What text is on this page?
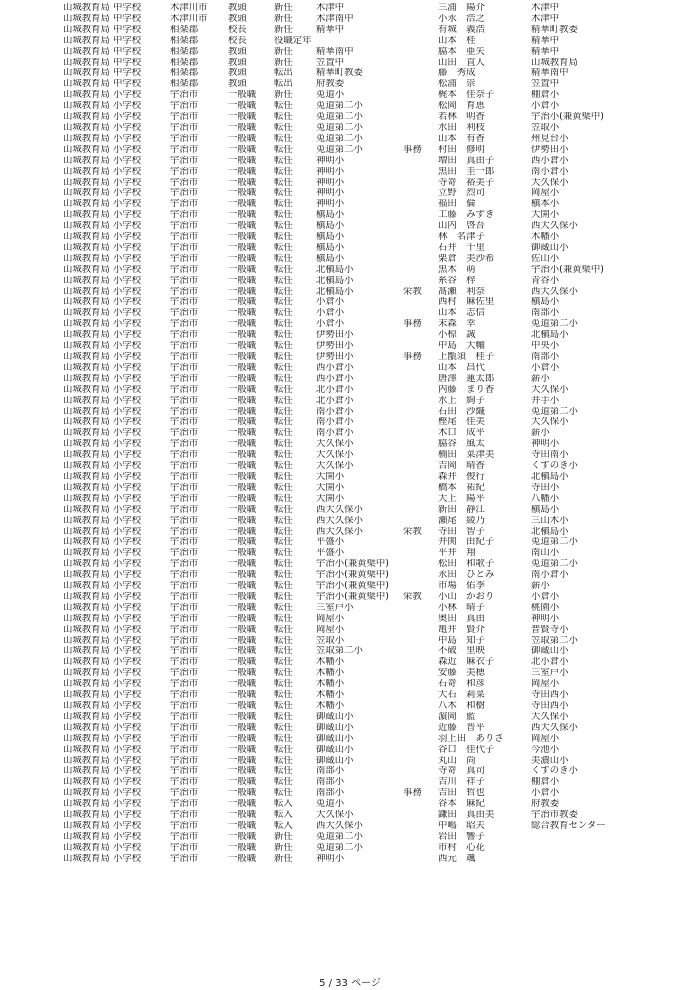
山城教育局	中学校	木津川市	教頭	新任	木津中		三浦　陽介	木津中
山城教育局	中学校	木津川市	教頭	新任	木津南中		小永　浩之	木津中
山城教育局	中学校	相楽郡	校長	新任	精華中		有城　義浩	精華町教委
山城教育局	中学校	相楽郡	校長	役職定年			山本　桂	精華中
山城教育局	中学校	相楽郡	教頭	新任	精華南中		脇本　亜矢	精華中
山城教育局	中学校	相楽郡	教頭	新任	笠置中		山田　直人	山城教育局
山城教育局	中学校	相楽郡	教頭	転出	精華町教委		藤　秀成	精華南中
山城教育局	中学校	相楽郡	教頭	転出	府教委		松浦　崇	笠置中
山城教育局	小学校	宇治市	一般職	新任	莵道小		梶本　佳奈子	棚倉小
山城教育局	小学校	宇治市	一般職	転任	莵道第二小		松岡　育恵	小倉小
山城教育局	小学校	宇治市	一般職	転任	莵道第二小		若林　明香	宇治小(兼黄檗中)
山城教育局	小学校	宇治市	一般職	転任	莵道第二小		水田　利枝	笠取小
山城教育局	小学校	宇治市	一般職	転任	莵道第二小		山本　有香	州見台小
山城教育局	小学校	宇治市	一般職	転任	莵道第二小	事務	村田　修明	伊勢田小
山城教育局	小学校	宇治市	一般職	転任	神明小		増田　真由子	西小倉小
山城教育局	小学校	宇治市	一般職	転任	神明小		黒田　圭一郎	南小倉小
山城教育局	小学校	宇治市	一般職	転任	神明小		寺嵜　裕美子	大久保小
山城教育局	小学校	宇治市	一般職	転任	神明小		立野　烈司	岡屋小
山城教育局	小学校	宇治市	一般職	転任	神明小		福田　倫	槇本小
山城教育局	小学校	宇治市	一般職	転任	槇島小		工藤　みずき	大開小
山城教育局	小学校	宇治市	一般職	転任	槇島小		山内　啓吾	西大久保小
山城教育局	小学校	宇治市	一般職	転任	槇島小		林　名津子	木幡小
山城教育局	小学校	宇治市	一般職	転任	槇島小		石井　千里	御蔵山小
山城教育局	小学校	宇治市	一般職	転任	槇島小		栗倉　美沙希	佐山小
山城教育局	小学校	宇治市	一般職	転任	北槇島小		黒木　萌	宇治小(兼黄檗中)
山城教育局	小学校	宇治市	一般職	転任	北槇島小		糸谷　梓	青谷小
山城教育局	小学校	宇治市	一般職	転任	北槇島小	栄教	髙瀬　利奈	西大久保小
山城教育局	小学校	宇治市	一般職	転任	小倉小		西村　麻佐里	槇島小
山城教育局	小学校	宇治市	一般職	転任	小倉小		山本　志信	南部小
山城教育局	小学校	宇治市	一般職	転任	小倉小	事務	末森　幸	莵道第二小
山城教育局	小学校	宇治市	一般職	転任	伊勢田小		小椋　誠	北槇島小
山城教育局	小学校	宇治市	一般職	転任	伊勢田小		中島　大輔	中央小
山城教育局	小学校	宇治市	一般職	転任	伊勢田小	事務	上甑須　桂子	南部小
山城教育局	小学校	宇治市	一般職	転任	西小倉小		山本　昌代	小倉小
山城教育局	小学校	宇治市	一般職	転任	西小倉小		唐澤　蓮太郎	薪小
山城教育局	小学校	宇治市	一般職	転任	北小倉小		内藤　まり香	大久保小
山城教育局	小学校	宇治市	一般職	転任	北小倉小		水上　絢子	井手小
山城教育局	小学校	宇治市	一般職	転任	南小倉小		石田　沙織	莵道第二小
山城教育局	小学校	宇治市	一般職	転任	南小倉小		樫尾　佳美	大久保小
山城教育局	小学校	宇治市	一般職	転任	南小倉小		木口　成平	薪小
山城教育局	小学校	宇治市	一般職	転任	大久保小		脇谷　風太	神明小
山城教育局	小学校	宇治市	一般職	転任	大久保小		楠田　菜津美	寺田南小
山城教育局	小学校	宇治市	一般職	転任	大久保小		吉岡　晴香	くすのき小
山城教育局	小学校	宇治市	一般職	転任	大開小		森井　俊行	北槇島小
山城教育局	小学校	宇治市	一般職	転任	大開小		橋本　祐紀	寺田小
山城教育局	小学校	宇治市	一般職	転任	大開小		大上　陽平	八幡小
山城教育局	小学校	宇治市	一般職	転任	西大久保小		新田　静江	槇島小
山城教育局	小学校	宇治市	一般職	転任	西大久保小		瀬尾　綾乃	三山木小
山城教育局	小学校	宇治市	一般職	転任	西大久保小	栄教	寺田　智子	北槇島小
山城教育局	小学校	宇治市	一般職	転任	平盛小		井関　由紀子	莵道第二小
山城教育局	小学校	宇治市	一般職	転任	平盛小		平井　翔	南山小
山城教育局	小学校	宇治市	一般職	転任	宇治小(兼黄檗中)		松田　和歌子	莵道第二小
山城教育局	小学校	宇治市	一般職	転任	宇治小(兼黄檗中)		永田　ひとみ	南小倉小
山城教育局	小学校	宇治市	一般職	転任	宇治小(兼黄檗中)		市場　佑季	薪小
山城教育局	小学校	宇治市	一般職	転任	宇治小(兼黄檗中)	栄教	小山　かおり	小倉小
山城教育局	小学校	宇治市	一般職	転任	三室戸小		小林　晴子	桃園小
山城教育局	小学校	宇治市	一般職	転任	岡屋小		奥田　真由	神明小
山城教育局	小学校	宇治市	一般職	転任	岡屋小		亀井　賢介	普賢寺小
山城教育局	小学校	宇治市	一般職	転任	笠取小		中島　知子	笠取第二小
山城教育局	小学校	宇治市	一般職	転任	笠取第二小		不破　里映	御蔵山小
山城教育局	小学校	宇治市	一般職	転任	木幡小		森近　麻衣子	北小倉小
山城教育局	小学校	宇治市	一般職	転任	木幡小		安藤　美穂	三室戸小
山城教育局	小学校	宇治市	一般職	転任	木幡小		石嵜　和彦	岡屋小
山城教育局	小学校	宇治市	一般職	転任	木幡小		大石　莉菜	寺田西小
山城教育局	小学校	宇治市	一般職	転任	木幡小		八木　和樹	寺田西小
山城教育局	小学校	宇治市	一般職	転任	御蔵山小		濵岡　藍	大久保小
山城教育局	小学校	宇治市	一般職	転任	御蔵山小		近藤　晋平	西大久保小
山城教育局	小学校	宇治市	一般職	転任	御蔵山小		羽上田　ありさ	岡屋小
山城教育局	小学校	宇治市	一般職	転任	御蔵山小		谷口　佳代子	今池小
山城教育局	小学校	宇治市	一般職	転任	御蔵山小		丸山　尚	美濃山小
山城教育局	小学校	宇治市	一般職	転任	南部小		寺嵜　真司	くすのき小
山城教育局	小学校	宇治市	一般職	転任	南部小		吉川　祥子	棚倉小
山城教育局	小学校	宇治市	一般職	転任	南部小	事務	吉田　哲也	小倉小
山城教育局	小学校	宇治市	一般職	転入	莵道小		谷本　麻紀	府教委
山城教育局	小学校	宇治市	一般職	転入	大久保小		鎌田　真由美	宇治市教委
山城教育局	小学校	宇治市	一般職	転入	西大久保小		中嶋　昭夫	総合教育センター
山城教育局	小学校	宇治市	一般職	新任	莵道第二小		岩田　響子	
山城教育局	小学校	宇治市	一般職	新任	莵道第二小		市村　心花	
山城教育局	小学校	宇治市	一般職	新任	神明小		西元　颯	
5 / 33 ページ
